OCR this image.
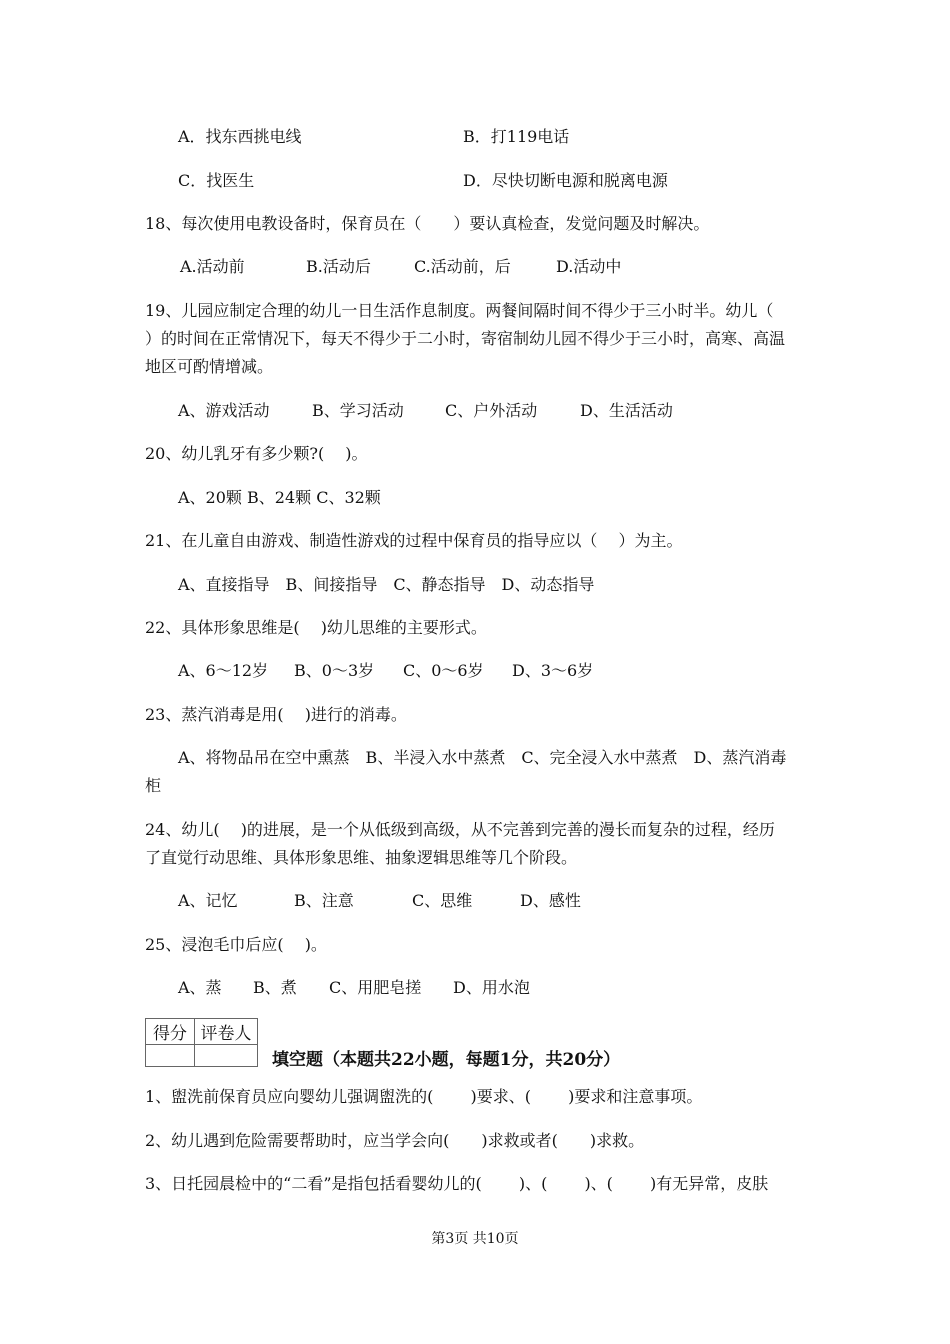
A．找东西挑电线	B．打119电话
C．找医生	D．尽快切断电源和脱离电源
18、每次使用电教设备时，保育员在（　　）要认真检查，发觉问题及时解决。
A.活动前	B.活动后	C.活动前，后	D.活动中
19、儿园应制定合理的幼儿一日生活作息制度。两餐间隔时间不得少于三小时半。幼儿（
）的时间在正常情况下，每天不得少于二小时，寄宿制幼儿园不得少于三小时，高寒、高温
地区可酌情增减。
A、游戏活动	B、学习活动	C、户外活动	D、生活活动
20、幼儿乳牙有多少颗?(　 )。
A、20颗 B、24颗 C、32颗
21、在儿童自由游戏、制造性游戏的过程中保育员的指导应以（　 ）为主。
A、直接指导　B、间接指导　C、静态指导　D、动态指导
22、具体形象思维是(　 )幼儿思维的主要形式。
A、6～12岁 B、0～3岁 C、0～6岁 D、3～6岁
23、蒸汽消毒是用(　 )进行的消毒。
A、将物品吊在空中熏蒸　B、半浸入水中蒸煮　C、完全浸入水中蒸煮　D、蒸汽消毒
柜
24、幼儿(　 )的进展，是一个从低级到高级，从不完善到完善的漫长而复杂的过程，经历
了直觉行动思维、具体形象思维、抽象逻辑思维等几个阶段。
A、记忆	B、注意	C、思维	D、感性
25、浸泡毛巾后应(　 )。
A、蒸 B、煮 C、用肥皂搓 D、用水泡
得分	评卷人

填空题（本题共22小题，每题1分，共20分）
1、盥洗前保育员应向婴幼儿强调盥洗的(　　 )要求、(　　 )要求和注意事项。
2、幼儿遇到危险需要帮助时，应当学会向(　　)求救或者(　　)求救。
3、日托园晨检中的“二看”是指包括看婴幼儿的(　　 )、(　　 )、(　　 )有无异常，皮肤
第3页 共10页
